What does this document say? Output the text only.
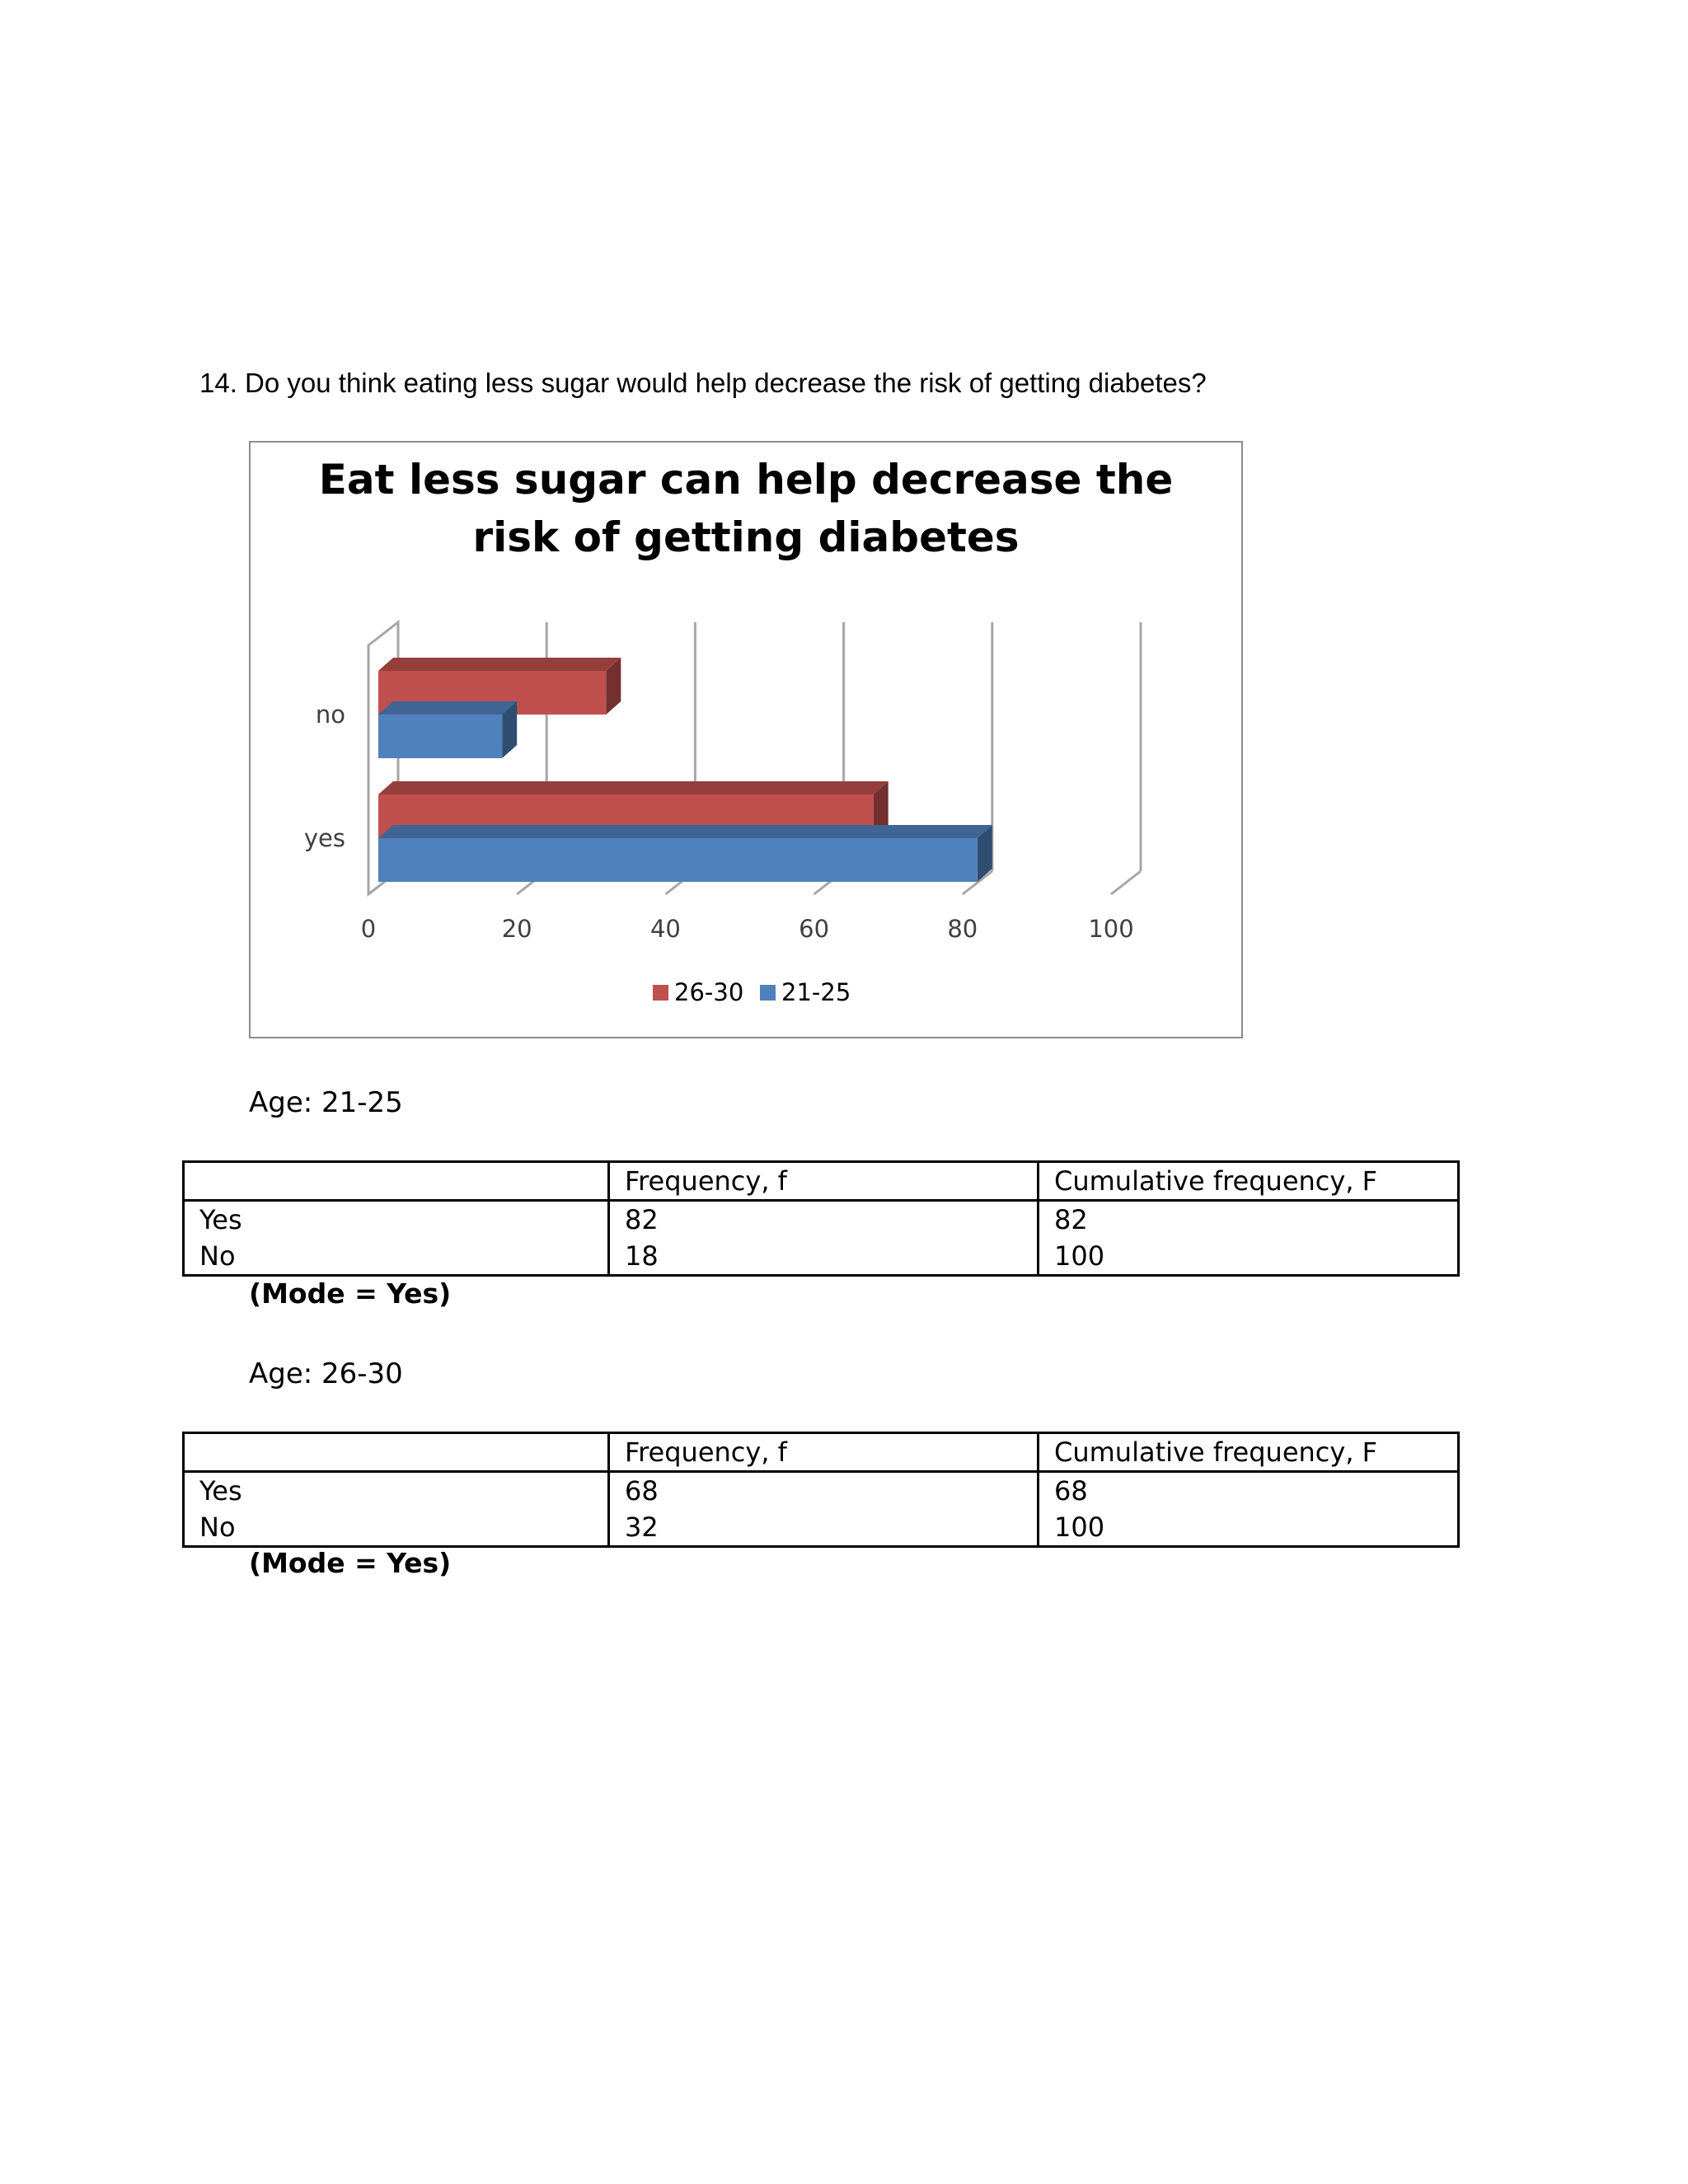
14. Do you think eating less sugar would help decrease the risk of getting diabetes?

Eat less sugar can help decrease the
risk of getting diabetes
0	20	40	60	80	100
no
yes
26-30 21-25

Age: 21-25

	Frequency, f	Cumulative frequency, F
Yes	82	82
No	18	100

(Mode = Yes)

Age: 26-30

	Frequency, f	Cumulative frequency, F
Yes	68	68
No	32	100

(Mode = Yes)
